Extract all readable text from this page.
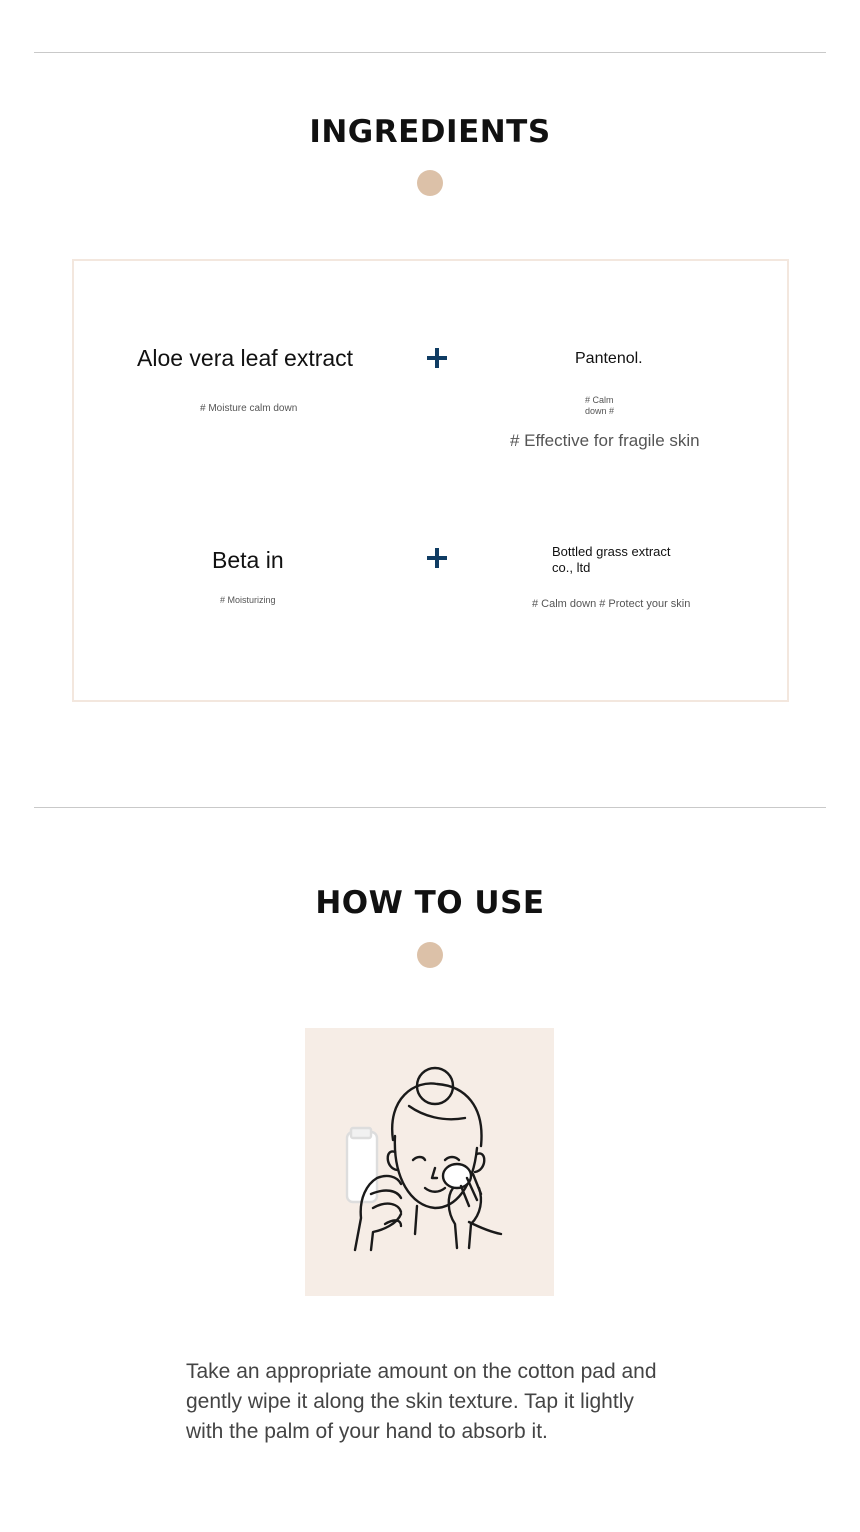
INGREDIENTS
Aloe vera leaf extract
# Moisture calm down
Pantenol.
# Calm down #
# Effective for fragile skin
Beta in
# Moisturizing
Bottled grass extract co., ltd
# Calm down # Protect your skin
HOW TO USE

Take an appropriate amount on the cotton pad and gently wipe it along the skin texture. Tap it lightly with the palm of your hand to absorb it.
